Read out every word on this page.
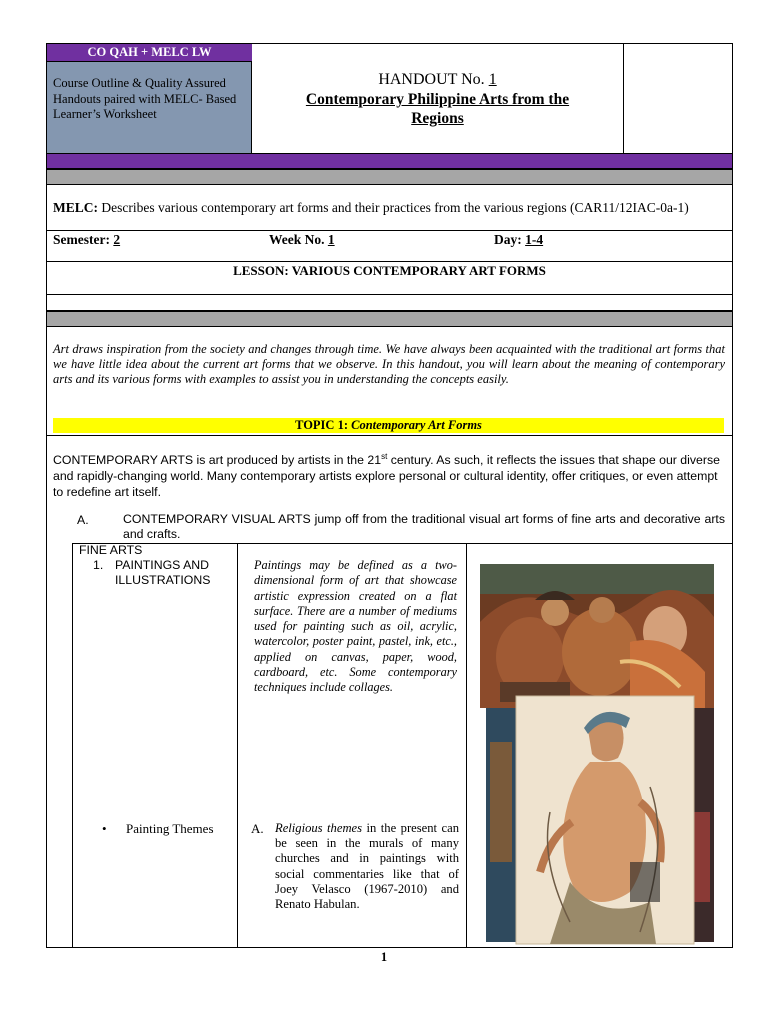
CO QAH + MELC LW
Course Outline & Quality Assured Handouts paired with MELC- Based Learner’s Worksheet
HANDOUT No. 1
Contemporary Philippine Arts from the Regions
MELC: Describes various contemporary art forms and their practices from the various regions (CAR11/12IAC-0a-1)
Semester: 2	Week No. 1	Day: 1-4
LESSON: VARIOUS CONTEMPORARY ART FORMS
Art draws inspiration from the society and changes through time. We have always been acquainted with the traditional art forms that we have little idea about the current art forms that we observe. In this handout, you will learn about the meaning of contemporary arts and its various forms with examples to assist you in understanding the concepts easily.
TOPIC 1: Contemporary Art Forms
CONTEMPORARY ARTS is art produced by artists in the 21st century. As such, it reflects the issues that shape our diverse and rapidly-changing world. Many contemporary artists explore personal or cultural identity, offer critiques, or even attempt to redefine art itself.
A.	CONTEMPORARY VISUAL ARTS jump off from the traditional visual art forms of fine arts and decorative arts and crafts.
FINE ARTS
1. PAINTINGS AND ILLUSTRATIONS
Paintings may be defined as a two-dimensional form of art that showcase artistic expression created on a flat surface. There are a number of mediums used for painting such as oil, acrylic, watercolor, poster paint, pastel, ink, etc., applied on canvas, paper, wood, cardboard, etc. Some contemporary techniques include collages.
• Painting Themes	A. Religious themes in the present can be seen in the murals of many churches and in paintings with social commentaries like that of Joey Velasco (1967-2010) and Renato Habulan.
1
